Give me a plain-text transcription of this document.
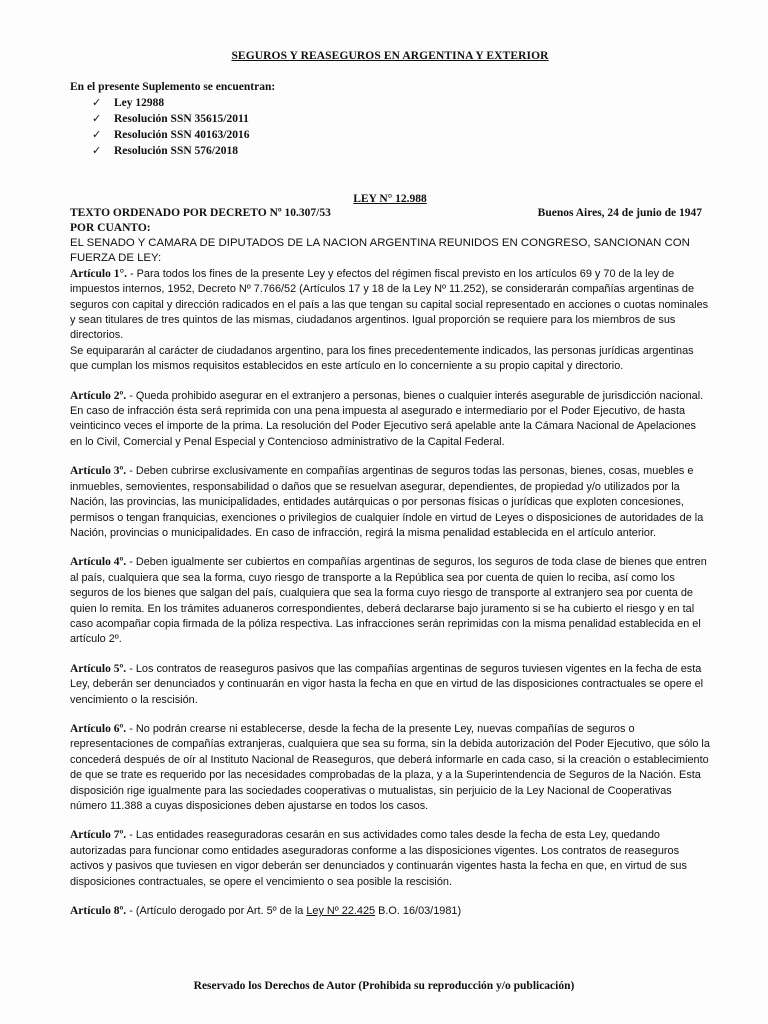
SEGUROS Y REASEGUROS EN ARGENTINA Y EXTERIOR

En el presente Suplemento se encuentran:

✓ Ley 12988
✓ Resolución SSN 35615/2011
✓ Resolución SSN 40163/2016
✓ Resolución SSN 576/2018

LEY N° 12.988

TEXTO ORDENADO POR DECRETO Nº 10.307/53	Buenos Aires, 24 de junio de 1947

POR CUANTO:

EL SENADO Y CAMARA DE DIPUTADOS DE LA NACION ARGENTINA REUNIDOS EN CONGRESO, SANCIONAN CON FUERZA DE LEY:

Artículo 1°. - Para todos los fines de la presente Ley y efectos del régimen fiscal previsto en los artículos 69 y 70 de la ley de impuestos internos, 1952, Decreto Nº 7.766/52 (Artículos 17 y 18 de la Ley Nº 11.252), se considerarán compañías argentinas de seguros con capital y dirección radicados en el país a las que tengan su capital social representado en acciones o cuotas nominales y sean titulares de tres quintos de las mismas, ciudadanos argentinos. Igual proporción se requiere para los miembros de sus directorios.

Se equipararán al carácter de ciudadanos argentino, para los fines precedentemente indicados, las personas jurídicas argentinas que cumplan los mismos requisitos establecidos en este artículo en lo concerniente a su propio capital y directorio.

Artículo 2º. - Queda prohibido asegurar en el extranjero a personas, bienes o cualquier interés asegurable de jurisdicción nacional. En caso de infracción ésta será reprimida con una pena impuesta al asegurado e intermediario por el Poder Ejecutivo, de hasta veinticinco veces el importe de la prima. La resolución del Poder Ejecutivo será apelable ante la Cámara Nacional de Apelaciones en lo Civil, Comercial y Penal Especial y Contencioso administrativo de la Capital Federal.

Artículo 3º. - Deben cubrirse exclusivamente en compañías argentinas de seguros todas las personas, bienes, cosas, muebles e inmuebles, semovientes, responsabilidad o daños que se resuelvan asegurar, dependientes, de propiedad y/o utilizados por la Nación, las provincias, las municipalidades, entidades autárquicas o por personas físicas o jurídicas que exploten concesiones, permisos o tengan franquicias, exenciones o privilegios de cualquier índole en virtud de Leyes o disposiciones de autoridades de la Nación, provincias o municipalidades. En caso de infracción, regirá la misma penalidad establecida en el artículo anterior.

Artículo 4º. - Deben igualmente ser cubiertos en compañías argentinas de seguros, los seguros de toda clase de bienes que entren al país, cualquiera que sea la forma, cuyo riesgo de transporte a la República sea por cuenta de quien lo reciba, así como los seguros de los bienes que salgan del país, cualquiera que sea la forma cuyo riesgo de transporte al extranjero sea por cuenta de quien lo remita. En los trámites aduaneros correspondientes, deberá declararse bajo juramento si se ha cubierto el riesgo y en tal caso acompañar copia firmada de la póliza respectiva. Las infracciones serán reprimidas con la misma penalidad establecida en el artículo 2º.

Artículo 5º. - Los contratos de reaseguros pasivos que las compañías argentinas de seguros tuviesen vigentes en la fecha de esta Ley, deberán ser denunciados y continuarán en vigor hasta la fecha en que en virtud de las disposiciones contractuales se opere el vencimiento o la rescisión.

Artículo 6º. - No podrán crearse ni establecerse, desde la fecha de la presente Ley, nuevas compañías de seguros o representaciones de compañías extranjeras, cualquiera que sea su forma, sin la debida autorización del Poder Ejecutivo, que sólo la concederá después de oír al Instituto Nacional de Reaseguros, que deberá informarle en cada caso, si la creación o establecimiento de que se trate es requerido por las necesidades comprobadas de la plaza, y a la Superintendencia de Seguros de la Nación. Esta disposición rige igualmente para las sociedades cooperativas o mutualistas, sin perjuicio de la Ley Nacional de Cooperativas número 11.388 a cuyas disposiciones deben ajustarse en todos los casos.

Artículo 7º. - Las entidades reaseguradoras cesarán en sus actividades como tales desde la fecha de esta Ley, quedando autorizadas para funcionar como entidades aseguradoras conforme a las disposiciones vigentes. Los contratos de reaseguros activos y pasivos que tuviesen en vigor deberán ser denunciados y continuarán vigentes hasta la fecha en que, en virtud de sus disposiciones contractuales, se opere el vencimiento o sea posible la rescisión.

Artículo 8º. - (Artículo derogado por Art. 5º de la Ley Nº 22.425 B.O. 16/03/1981)

Reservado los Derechos de Autor (Prohibida su reproducción y/o publicación)
